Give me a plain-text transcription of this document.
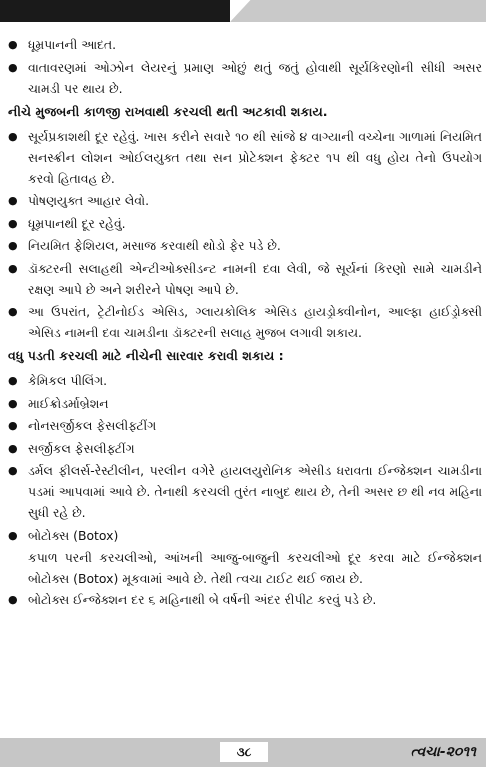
● ધૂમ્રપાનની આદત.
● વાતાવરણમાં ઓઝોન લેયરનું પ્રમાણ ઓછું થતું જતું હોવાથી સૂર્યકિરણોની સીધી અસર ચામડી પર થાય છે.
નીચે મુજબની કાળજી રાખવાથી કરચલી થતી અટકાવી શકાય.
● સૂર્યપ્રકાશથી દૂર રહેવું. ખાસ કરીને સવારે ૧૦ થી સાંજે ૪ વાગ્યાની વચ્ચેના ગાળામાં નિયમિત સનસ્ક્રીન લોશન ઓઈલયુક્ત તથા સન પ્રોટેક્શન ફેક્ટર ૧૫ થી વધુ હોય તેનો ઉપયોગ કરવો હિતાવહ છે.
● પોષણયુક્ત આહાર લેવો.
● ધૂમ્રપાનથી દૂર રહેવું.
● નિયમિત ફેશિયલ, મસાજ કરવાથી થોડો ફેર પડે છે.
● ડૉક્ટરની સલાહથી એન્ટીઓક્સીડન્ટ નામની દવા લેવી, જે સૂર્યનાં કિરણો સામે ચામડીને રક્ષણ આપે છે અને શરીરને પોષણ આપે છે.
● આ ઉપરાંત, ટ્રેટીનોઈડ એસિડ, ગ્લાયકોલિક એસિડ હાયડ્રોક્વીનોન, આલ્ફા હાઈડ્રોક્સી એસિડ નામની દવા ચામડીના ડૉક્ટરની સલાહ મુજબ લગાવી શકાય.
વધુ પડતી કરચલી માટે નીચેની સારવાર કરાવી શકાય :
● કેમિકલ પીલિંગ.
● માઈક્રોડર્માબ્રેશન
● નોનસર્જીકલ ફેસલીફ્ટીંગ
● સર્જીકલ ફેસલીફ્ટીંગ
● ડર્મલ ફીલર્સ-રેસ્ટીલીન, પરલીન વગેરે હાયલયુરોનિક એસીડ ધરાવતા ઈન્જેક્શન ચામડીના પડમાં આપવામાં આવે છે. તેનાથી કરચલી તુરંત નાબુદ થાય છે, તેની અસર છ થી નવ મહિના સુધી રહે છે.
● બોટોક્સ (Botox)
કપાળ પરની કરચલીઓ, આંખની આજુ-બાજુની કરચલીઓ દૂર કરવા માટે ઈન્જેક્શન બોટોક્સ (Botox) મૂકવામાં આવે છે. તેથી ત્વચા ટાઈટ થઈ જાય છે.
● બોટોક્સ ઈન્જેક્શન દર ૬ મહિનાથી બે વર્ષની અંદર રીપીટ કરવું પડે છે.
૩૮	ત્વચા-૨૦૧૧
